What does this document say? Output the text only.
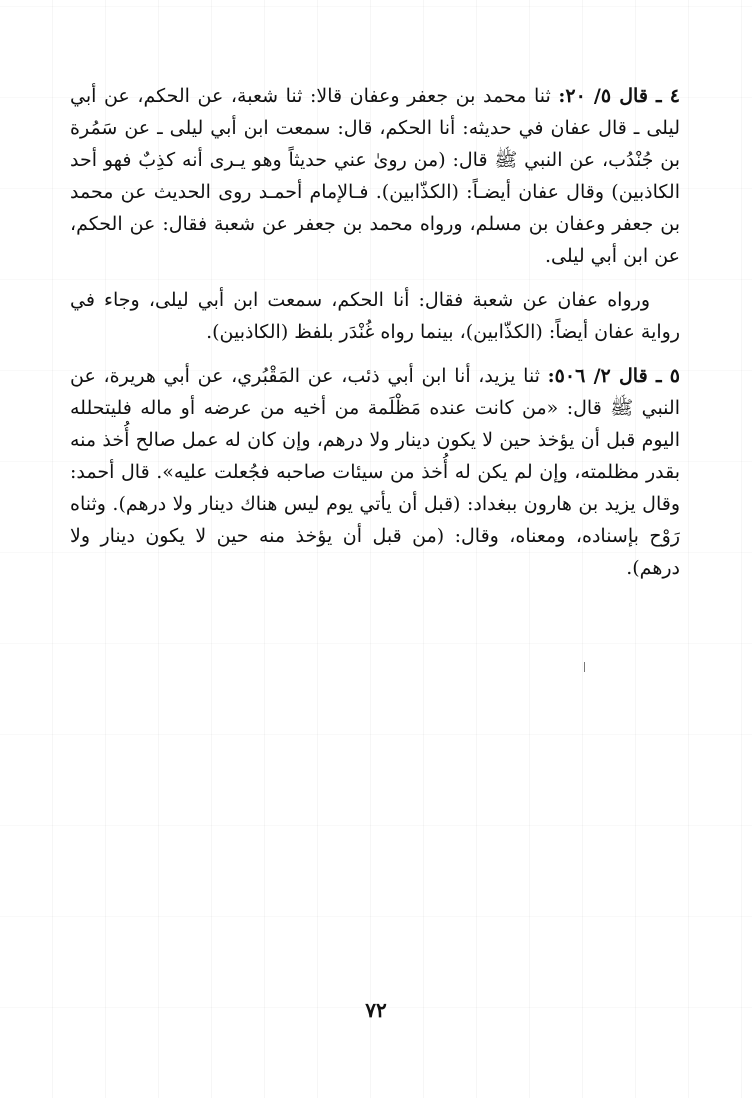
٤ ـ قال ٥/ ٢٠: ثنا محمد بن جعفر وعفان قالا: ثنا شعبة، عن الحكم، عن أبي ليلى ـ قال عفان في حديثه: أنا الحكم، قال: سمعت ابن أبي ليلى ـ عن سَمُرة بن جُنْدُب، عن النبي ﷺ قال: (من روىٰ عني حديثاً وهو يـرى أنه كذِبٌ فهو أحد الكاذبين) وقال عفان أيضـاً: (الكذّابين). فـالإمام أحمـد روى الحديث عن محمد بن جعفر وعفان بن مسلم، ورواه محمد بن جعفر عن شعبة فقال: عن الحكم، عن ابن أبي ليلى.

ورواه عفان عن شعبة فقال: أنا الحكم، سمعت ابن أبي ليلى، وجاء في رواية عفان أيضاً: (الكذّابين)، بينما رواه غُنْدَر بلفظ (الكاذبين).

٥ ـ قال ٢/ ٥٠٦: ثنا يزيد، أنا ابن أبي ذئب، عن المَقْبُري، عن أبي هريرة، عن النبي ﷺ قال: «من كانت عنده مَظْلَمة من أخيه من عرضه أو ماله فليتحلله اليوم قبل أن يؤخذ حين لا يكون دينار ولا درهم، وإن كان له عمل صالح أُخذ منه بقدر مظلمته، وإن لم يكن له أُخذ من سيئات صاحبه فجُعلت عليه». قال أحمد: وقال يزيد بن هارون ببغداد: (قبل أن يأتي يوم ليس هناك دينار ولا درهم). وثناه رَوْح بإسناده، ومعناه، وقال: (من قبل أن يؤخذ منه حين لا يكون دينار ولا درهم).

٧٢
